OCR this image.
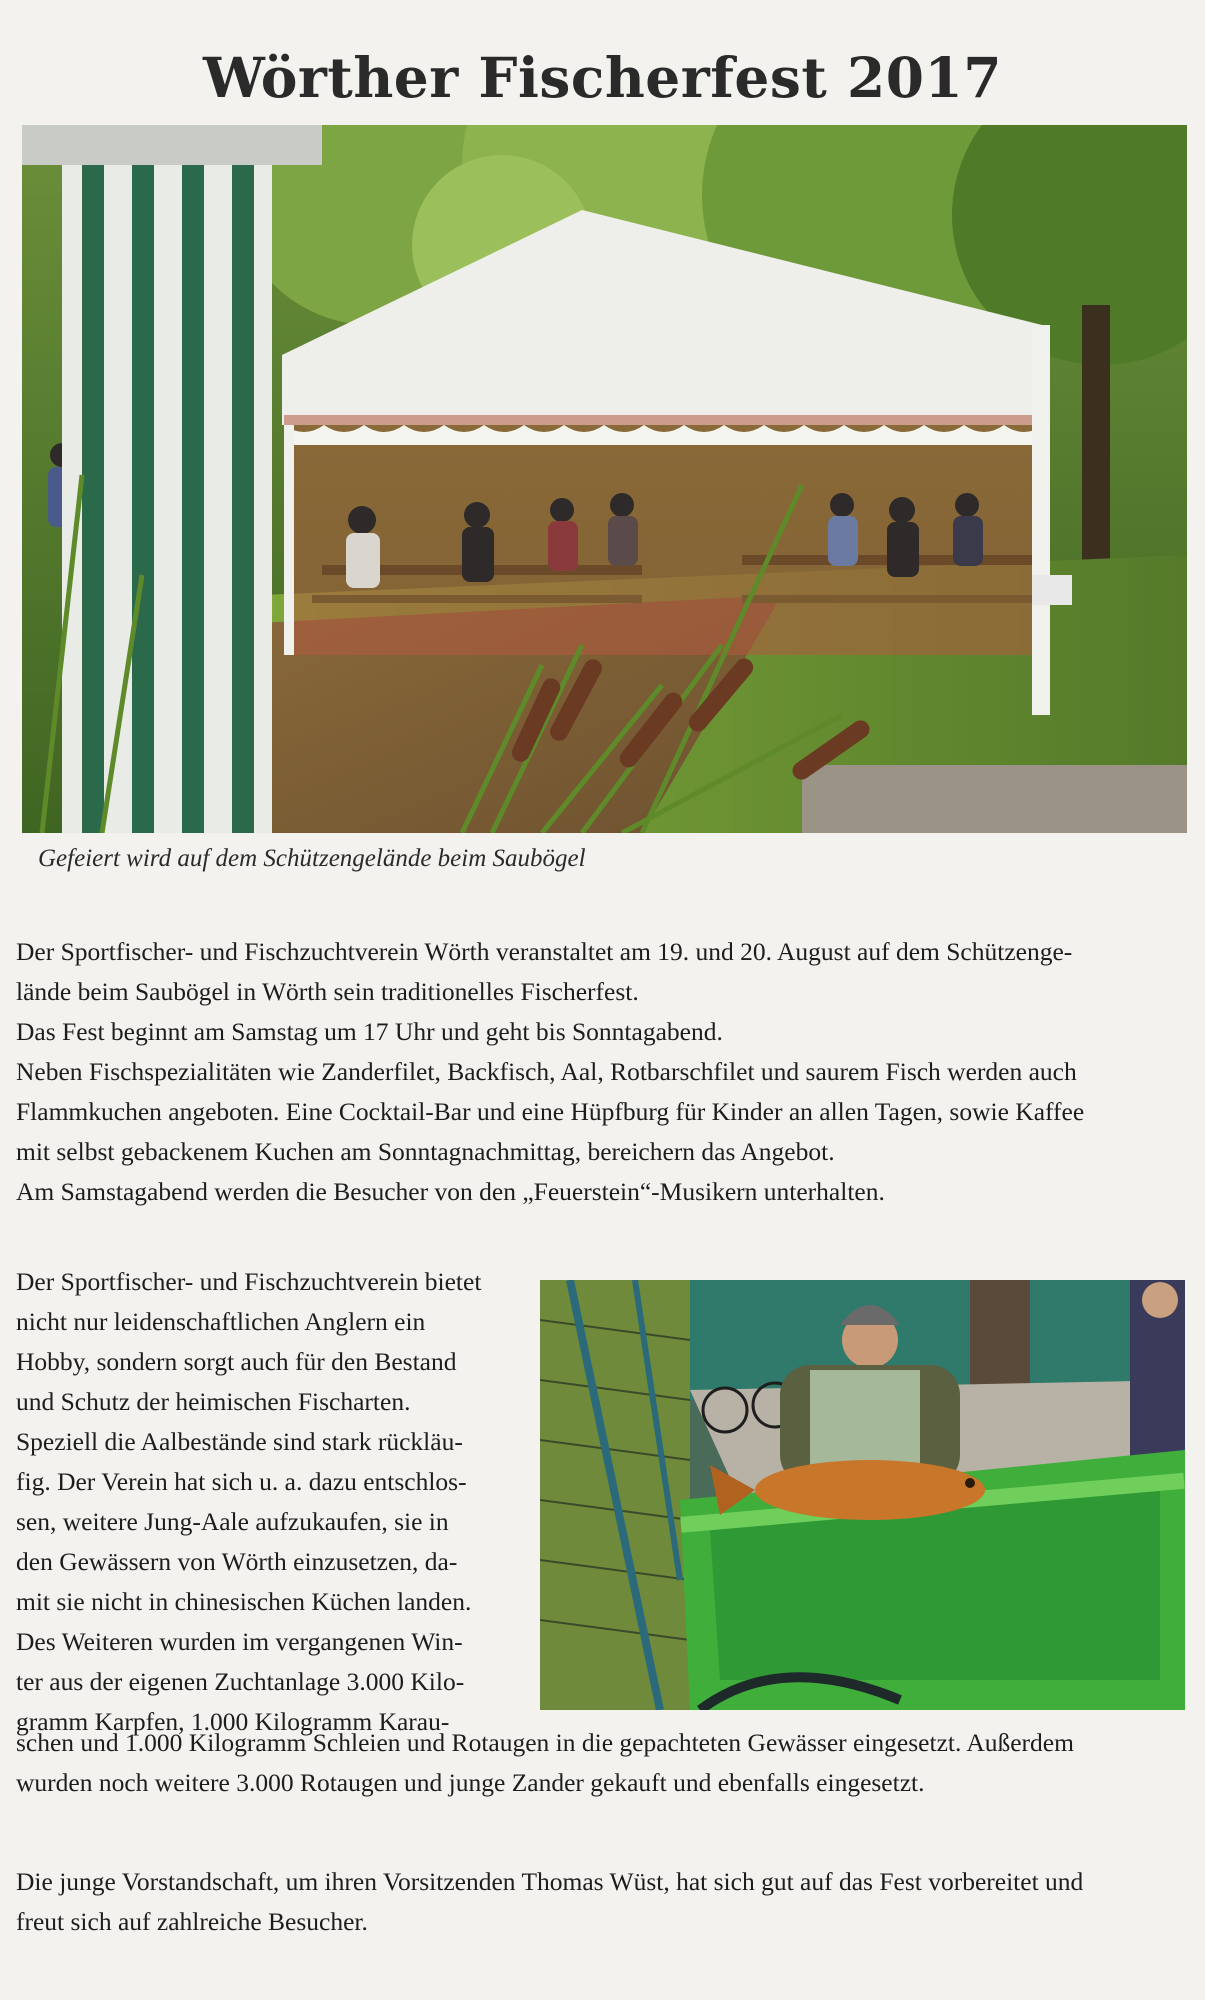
Wörther Fischerfest 2017
Gefeiert wird auf dem Schützengelände beim Saubögel

Der Sportfischer- und Fischzuchtverein Wörth veranstaltet am 19. und 20. August auf dem Schützenge-

lände beim Saubögel in Wörth sein traditionelles Fischerfest.

Das Fest beginnt am Samstag um 17 Uhr und geht bis Sonntagabend.

Neben Fischspezialitäten wie Zanderfilet, Backfisch, Aal, Rotbarschfilet und saurem Fisch werden auch

Flammkuchen angeboten. Eine Cocktail-Bar und eine Hüpfburg für Kinder an allen Tagen, sowie Kaffee

mit selbst gebackenem Kuchen am Sonntagnachmittag, bereichern das Angebot.

Am Samstagabend werden die Besucher von den „Feuerstein“-Musikern unterhalten.

Der Sportfischer- und Fischzuchtverein bietet

nicht nur leidenschaftlichen Anglern ein

Hobby, sondern sorgt auch für den Bestand

und Schutz der heimischen Fischarten.

Speziell die Aalbestände sind stark rückläu-

fig. Der Verein hat sich u. a. dazu entschlos-

sen, weitere Jung-Aale aufzukaufen, sie in

den Gewässern von Wörth einzusetzen, da-

mit sie nicht in chinesischen Küchen landen.

Des Weiteren wurden im vergangenen Win-

ter aus der eigenen Zuchtanlage 3.000 Kilo-

gramm Karpfen, 1.000 Kilogramm Karau-

schen und 1.000 Kilogramm Schleien und Rotaugen in die gepachteten Gewässer eingesetzt. Außerdem

wurden noch weitere 3.000 Rotaugen und junge Zander gekauft und ebenfalls eingesetzt.

Die junge Vorstandschaft, um ihren Vorsitzenden Thomas Wüst, hat sich gut auf das Fest vorbereitet und

freut sich auf zahlreiche Besucher.
